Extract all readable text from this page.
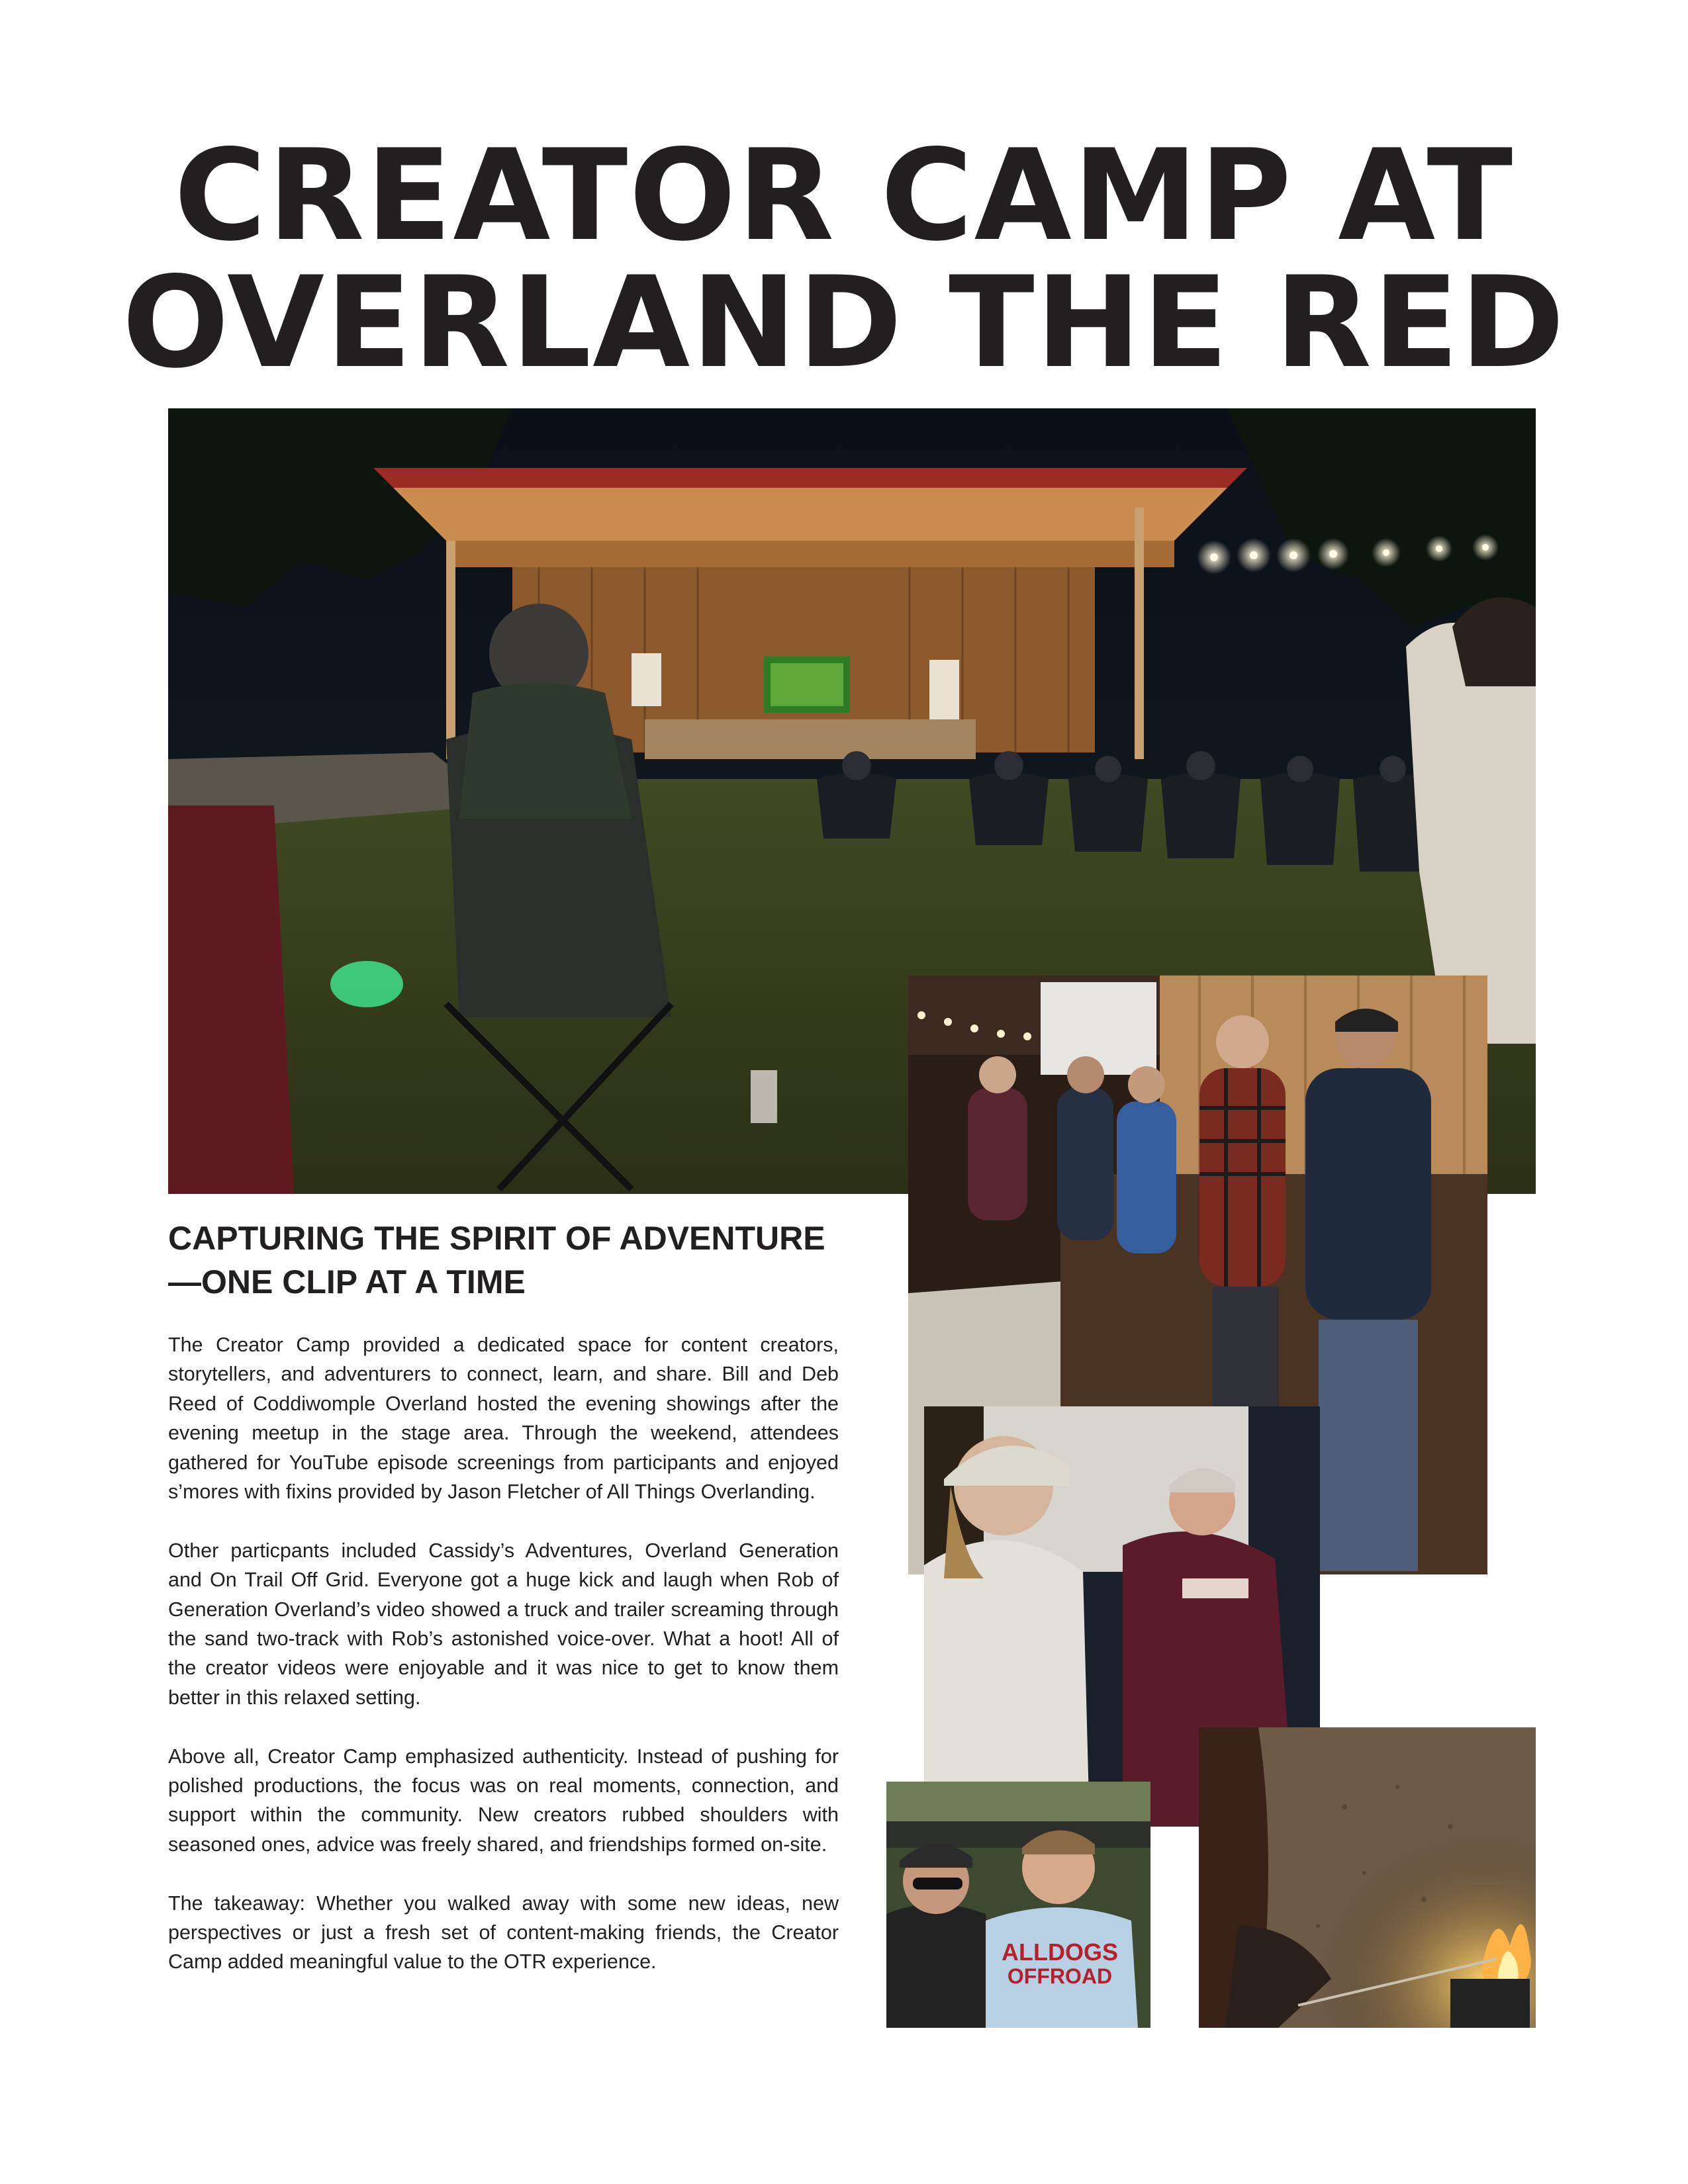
CREATOR CAMP AT
OVERLAND THE RED
ALLDOGS
OFFROAD
CAPTURING THE SPIRIT OF ADVENTURE —ONE CLIP AT A TIME

The Creator Camp provided a dedicated space for content creators, storytellers, and adventurers to connect, learn, and share. Bill and Deb Reed of Coddiwomple Overland hosted the evening showings after the evening meetup in the stage area. Through the weekend, attendees gathered for YouTube episode screenings from participants and enjoyed s’mores with fixins provided by Jason Fletcher of All Things Overlanding.

Other particpants included Cassidy’s Adventures, Overland Generation and On Trail Off Grid. Everyone got a huge kick and laugh when Rob of Generation Overland’s video showed a truck and trailer screaming through the sand two-track with Rob’s astonished voice-over. What a hoot! All of the creator videos were enjoyable and it was nice to get to know them better in this relaxed setting.

Above all, Creator Camp emphasized authenticity. Instead of pushing for polished productions, the focus was on real moments, connection, and support within the community. New creators rubbed shoulders with seasoned ones, advice was freely shared, and friendships formed on-site.

The takeaway: Whether you walked away with some new ideas, new perspectives or just a fresh set of content-making friends, the Creator Camp added meaningful value to the OTR experience.
